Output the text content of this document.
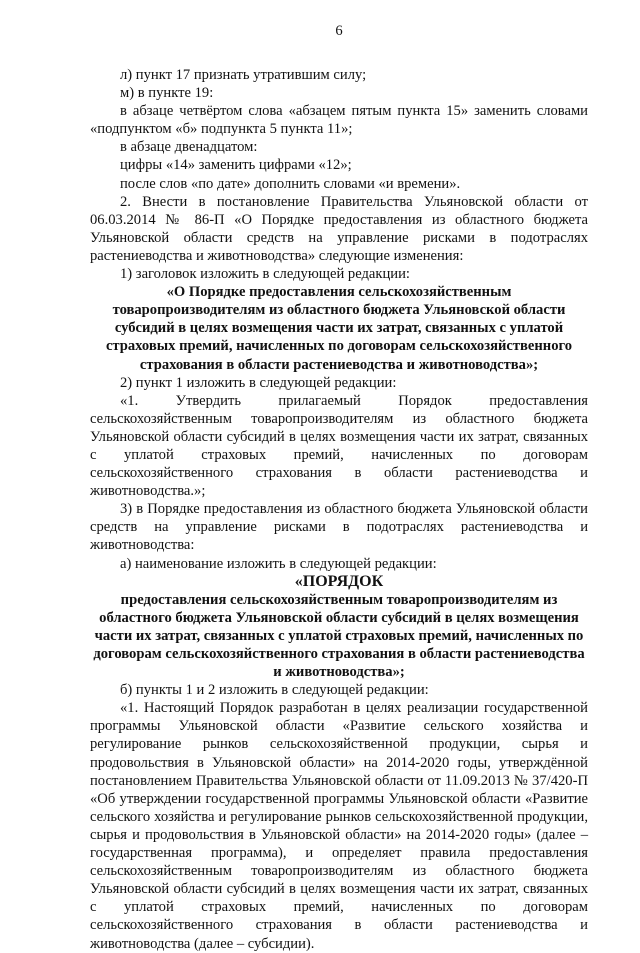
6

л) пункт 17 признать утратившим силу;

м) в пункте 19:

в абзаце четвёртом слова «абзацем пятым пункта 15» заменить словами «подпунктом «б» подпункта 5 пункта 11»;

в абзаце двенадцатом:

цифры «14» заменить цифрами «12»;

после слов «по дате» дополнить словами «и времени».

2. Внести в постановление Правительства Ульяновской области от 06.03.2014 № 86-П «О Порядке предоставления из областного бюджета Ульяновской области средств на управление рисками в подотраслях растениеводства и животноводства» следующие изменения:

1) заголовок изложить в следующей редакции:

«О Порядке предоставления сельскохозяйственным товаропроизводителям из областного бюджета Ульяновской области субсидий в целях возмещения части их затрат, связанных с уплатой страховых премий, начисленных по договорам сельскохозяйственного страхования в области растениеводства и животноводства»;

2) пункт 1 изложить в следующей редакции:

«1. Утвердить прилагаемый Порядок предоставления сельскохозяйственным товаропроизводителям из областного бюджета Ульяновской области субсидий в целях возмещения части их затрат, связанных с уплатой страховых премий, начисленных по договорам сельскохозяйственного страхования в области растениеводства и животноводства.»;

3) в Порядке предоставления из областного бюджета Ульяновской области средств на управление рисками в подотраслях растениеводства и животноводства:

а) наименование изложить в следующей редакции:

«ПОРЯДОК

предоставления сельскохозяйственным товаропроизводителям из областного бюджета Ульяновской области субсидий в целях возмещения части их затрат, связанных с уплатой страховых премий, начисленных по договорам сельскохозяйственного страхования в области растениеводства и животноводства»;

б) пункты 1 и 2 изложить в следующей редакции:

«1. Настоящий Порядок разработан в целях реализации государственной программы Ульяновской области «Развитие сельского хозяйства и регулирование рынков сельскохозяйственной продукции, сырья и продовольствия в Ульяновской области» на 2014-2020 годы, утверждённой постановлением Правительства Ульяновской области от 11.09.2013 № 37/420-П «Об утверждении государственной программы Ульяновской области «Развитие сельского хозяйства и регулирование рынков сельскохозяйственной продукции, сырья и продовольствия в Ульяновской области» на 2014-2020 годы» (далее – государственная программа), и определяет правила предоставления сельскохозяйственным товаропроизводителям из областного бюджета Ульяновской области субсидий в целях возмещения части их затрат, связанных с уплатой страховых премий, начисленных по договорам сельскохозяйственного страхования в области растениеводства и животноводства (далее – субсидии).
